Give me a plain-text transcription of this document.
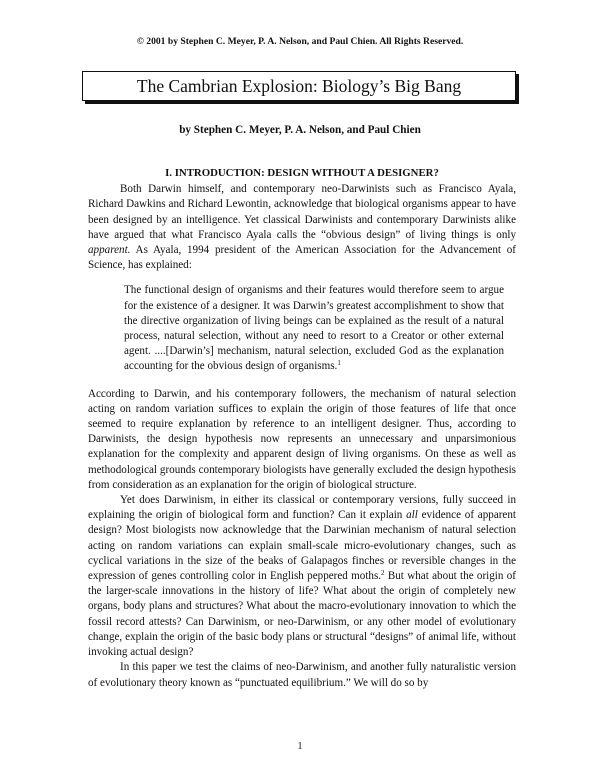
© 2001 by Stephen C. Meyer, P. A. Nelson, and Paul Chien. All Rights Reserved.
The Cambrian Explosion: Biology’s Big Bang
by Stephen C. Meyer, P. A. Nelson, and Paul Chien
I. INTRODUCTION: DESIGN WITHOUT A DESIGNER?

Both Darwin himself, and contemporary neo-Darwinists such as Francisco Ayala, Richard Dawkins and Richard Lewontin, acknowledge that biological organisms appear to have been designed by an intelligence. Yet classical Darwinists and contemporary Darwinists alike have argued that what Francisco Ayala calls the “obvious design” of living things is only apparent. As Ayala, 1994 president of the American Association for the Advancement of Science, has explained:

The functional design of organisms and their features would therefore seem to argue for the existence of a designer. It was Darwin’s greatest accomplishment to show that the directive organization of living beings can be explained as the result of a natural process, natural selection, without any need to resort to a Creator or other external agent. ....[Darwin’s] mechanism, natural selection, excluded God as the explanation accounting for the obvious design of organisms.$^1$

According to Darwin, and his contemporary followers, the mechanism of natural selection acting on random variation suffices to explain the origin of those features of life that once seemed to require explanation by reference to an intelligent designer. Thus, according to Darwinists, the design hypothesis now represents an unnecessary and unparsimonious explanation for the complexity and apparent design of living organisms. On these as well as methodological grounds contemporary biologists have generally excluded the design hypothesis from consideration as an explanation for the origin of biological structure.

Yet does Darwinism, in either its classical or contemporary versions, fully succeed in explaining the origin of biological form and function? Can it explain all evidence of apparent design? Most biologists now acknowledge that the Darwinian mechanism of natural selection acting on random variations can explain small-scale micro-evolutionary changes, such as cyclical variations in the size of the beaks of Galapagos finches or reversible changes in the expression of genes controlling color in English peppered moths.$^2$ But what about the origin of the larger-scale innovations in the history of life? What about the origin of completely new organs, body plans and structures? What about the macro-evolutionary innovation to which the fossil record attests? Can Darwinism, or neo-Darwinism, or any other model of evolutionary change, explain the origin of the basic body plans or structural “designs” of animal life, without invoking actual design?

In this paper we test the claims of neo-Darwinism, and another fully naturalistic version of evolutionary theory known as “punctuated equilibrium.” We will do so by

1
